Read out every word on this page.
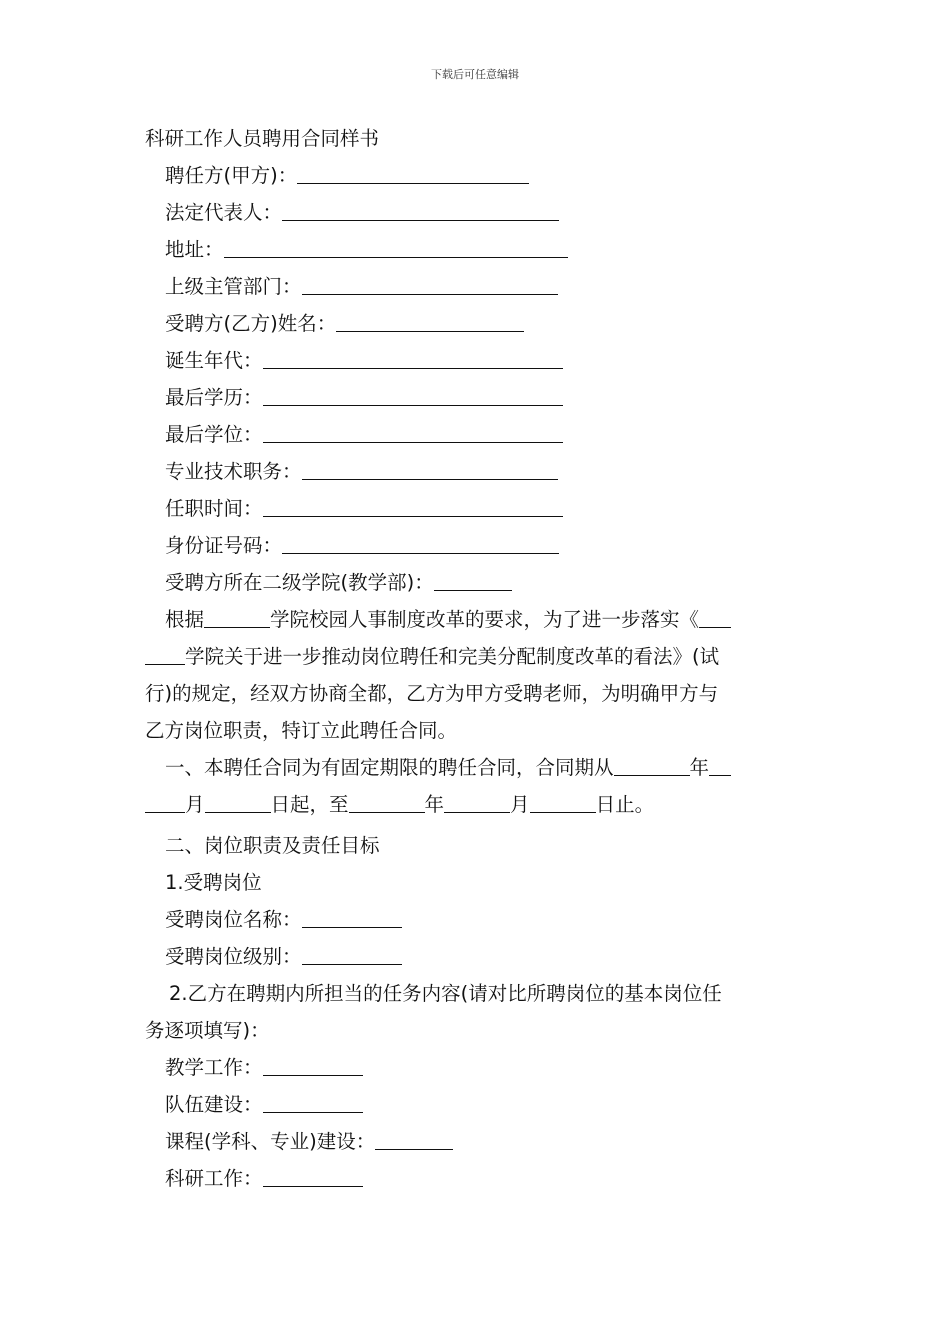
下载后可任意编辑
科研工作人员聘用合同样书
聘任方(甲方)：
法定代表人：
地址：
上级主管部门：
受聘方(乙方)姓名：
诞生年代：
最后学历：
最后学位：
专业技术职务：
任职时间：
身份证号码：
受聘方所在二级学院(教学部)：
根据	学院校园人事制度改革的要求，为了进一步落实《
学院关于进一步推动岗位聘任和完美分配制度改革的看法》(试
行)的规定，经双方协商全都，乙方为甲方受聘老师，为明确甲方与
乙方岗位职责，特订立此聘任合同。
一、本聘任合同为有固定期限的聘任合同，合同期从	年
月	日起，至	年	月	日止。
二、岗位职责及责任目标
1.受聘岗位
受聘岗位名称：
受聘岗位级别：
2.乙方在聘期内所担当的任务内容(请对比所聘岗位的基本岗位任
务逐项填写)：
教学工作：
队伍建设：
课程(学科、专业)建设：
科研工作：
